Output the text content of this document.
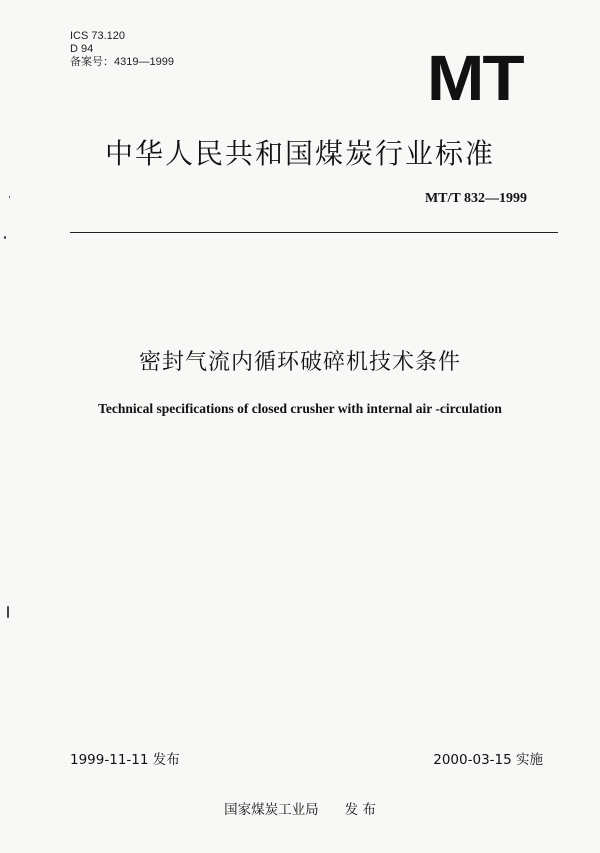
ICS 73.120
D 94
备案号：4319—1999	MT
中华人民共和国煤炭行业标准
MT/T 832—1999
密封气流内循环破碎机技术条件
Technical specifications of closed crusher with internal air -circulation
1999-11-11 发布	2000-03-15 实施
国家煤炭工业局 发 布
